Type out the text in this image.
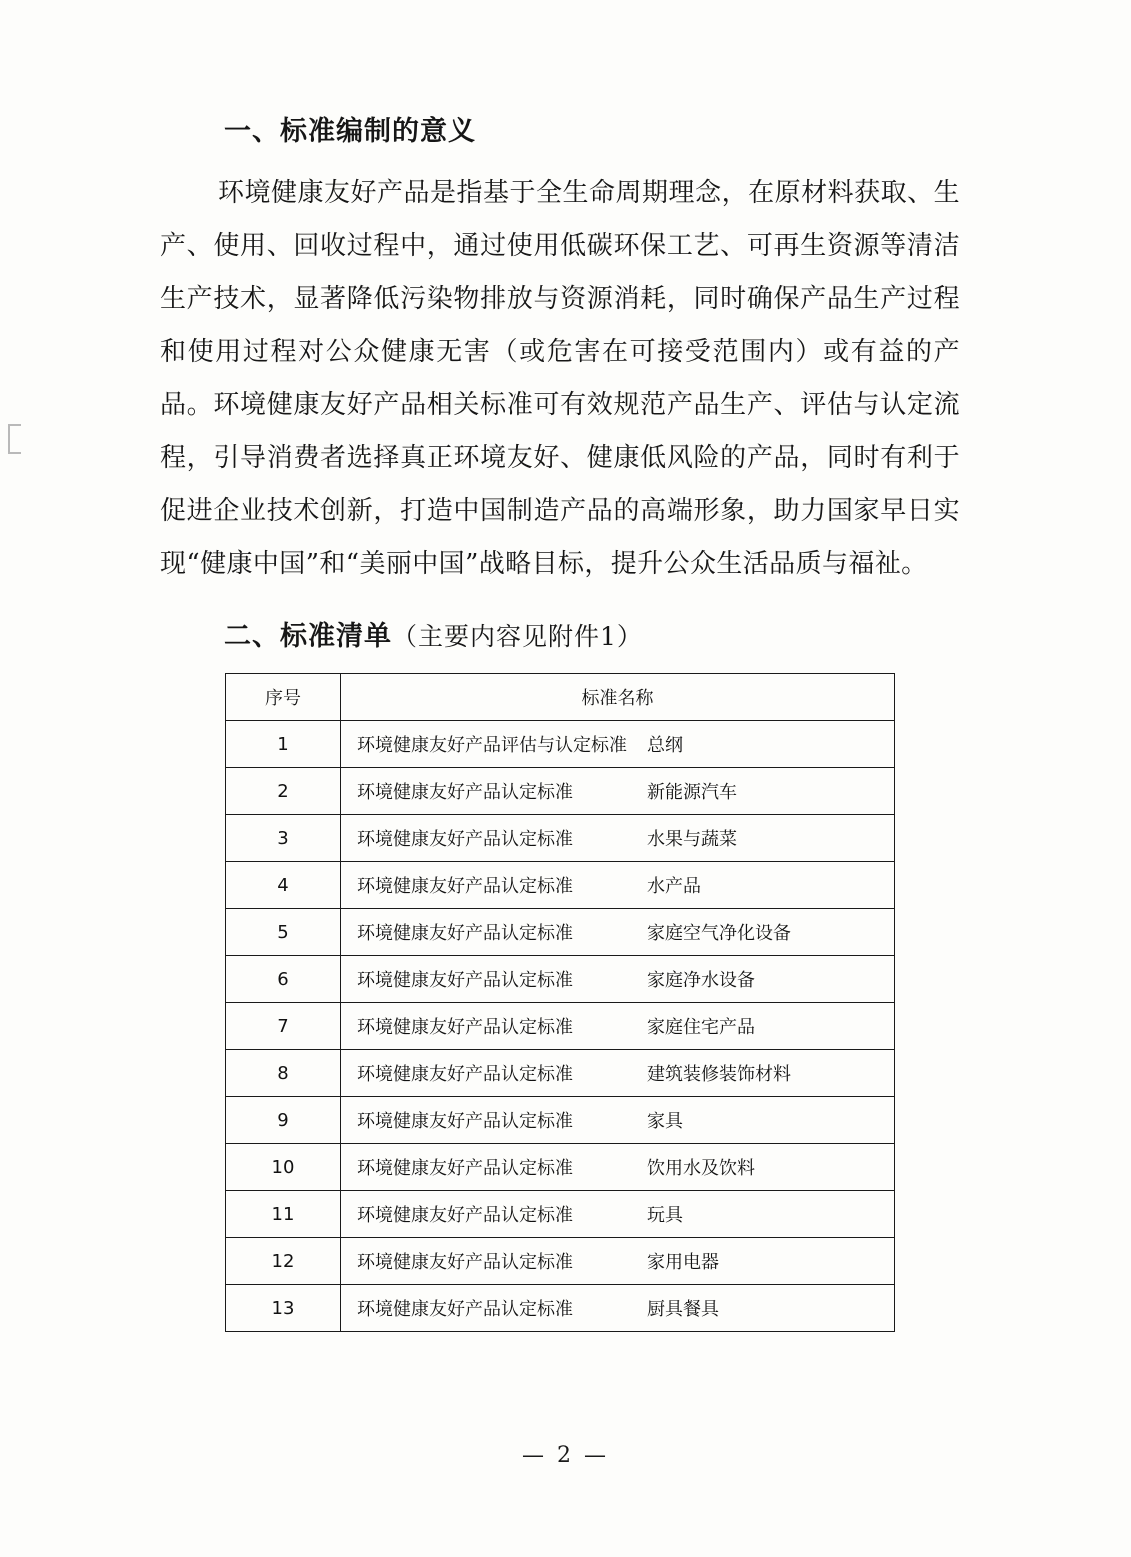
一、标准编制的意义

环境健康友好产品是指基于全生命周期理念，在原材料获取、生产、使用、回收过程中，通过使用低碳环保工艺、可再生资源等清洁生产技术，显著降低污染物排放与资源消耗，同时确保产品生产过程和使用过程对公众健康无害（或危害在可接受范围内）或有益的产品。环境健康友好产品相关标准可有效规范产品生产、评估与认定流程，引导消费者选择真正环境友好、健康低风险的产品，同时有利于促进企业技术创新，打造中国制造产品的高端形象，助力国家早日实现“健康中国”和“美丽中国”战略目标，提升公众生活品质与福祉。

二、标准清单（主要内容见附件1）
序号	标准名称
1	环境健康友好产品评估与认定标准 总纲

2	环境健康友好产品认定标准 新能源汽车

3	环境健康友好产品认定标准 水果与蔬菜

4	环境健康友好产品认定标准 水产品

5	环境健康友好产品认定标准 家庭空气净化设备

6	环境健康友好产品认定标准 家庭净水设备

7	环境健康友好产品认定标准 家庭住宅产品

8	环境健康友好产品认定标准 建筑装修装饰材料

9	环境健康友好产品认定标准 家具

10	环境健康友好产品认定标准 饮用水及饮料

11	环境健康友好产品认定标准 玩具

12	环境健康友好产品认定标准 家用电器

13	环境健康友好产品认定标准 厨具餐具
— 2 —
